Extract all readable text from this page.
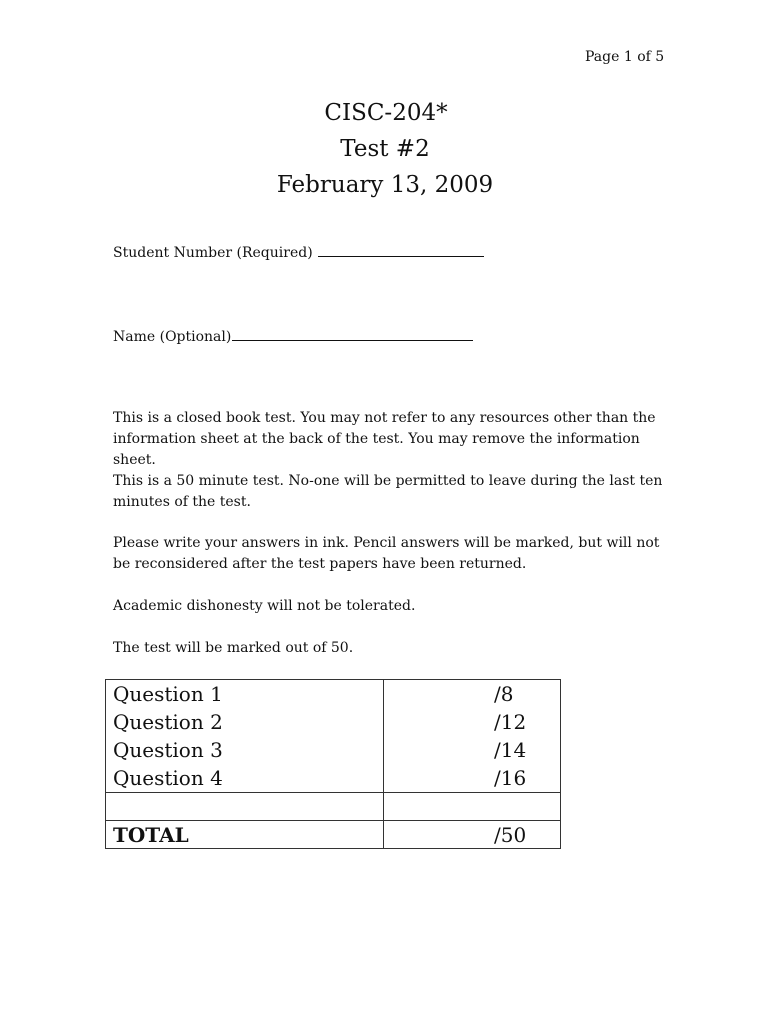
Page 1 of 5
CISC-204*
Test #2
February 13, 2009
Student Number (Required)
Name (Optional)

This is a closed book test. You may not refer to any resources other than the information sheet at the back of the test. You may remove the information sheet.

This is a 50 minute test. No-one will be permitted to leave during the last ten minutes of the test.

Please write your answers in ink. Pencil answers will be marked, but will not be reconsidered after the test papers have been returned.

Academic dishonesty will not be tolerated.

The test will be marked out of 50.

Question 1	/8
Question 2	/12
Question 3	/14
Question 4	/16

TOTAL	/50
